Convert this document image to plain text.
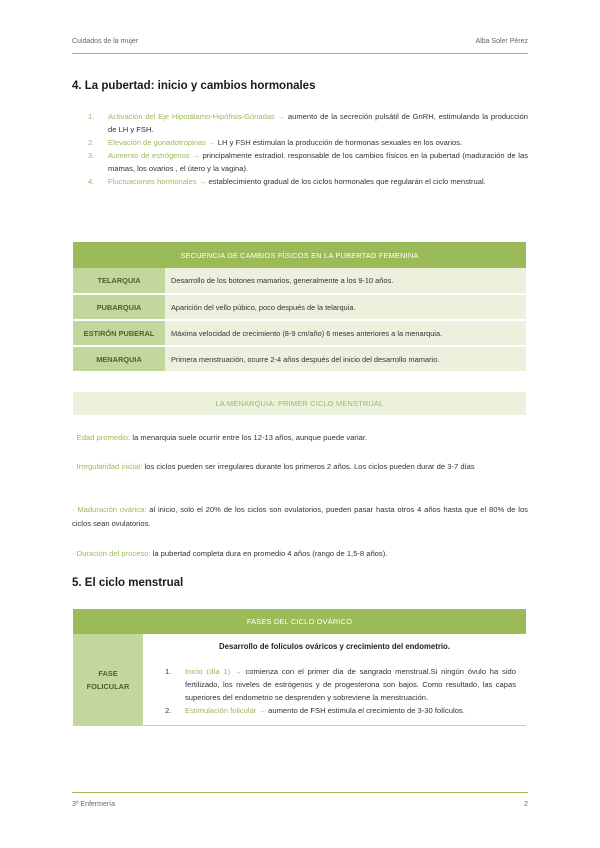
Cuidados de la mujer	Alba Soler Pérez
4. La pubertad: inicio y cambios hormonales
1. Activación del Eje Hipotálamo-Hipófisis-Gónadas → aumento de la secreción pulsátil de GnRH, estimulando la producción de LH y FSH.
2. Elevación de gonadotropinas → LH y FSH estimulan la producción de hormonas sexuales en los ovarios.
3. Aumento de estrógenos → principalmente estradiol. responsable de los cambios físicos en la pubertad (maduración de las mamas, los ovarios , el útero y la vagina).
4. Fluctuaciones hormonales → establecimiento gradual de los ciclos hormonales que regularán el ciclo menstrual.
SECUENCIA DE CAMBIOS FÍSICOS EN LA PUBERTAD FEMENINA	
TELARQUIA	Desarrollo de los botones mamarios, generalmente a los 9-10 años.
PUBARQUIA	Aparición del vello púbico, poco después de la telarquia.
ESTIRÓN PUBERAL	Máxima velocidad de crecimiento (8-9 cm/año) 6 meses anteriores a la menarquia.
MENARQUIA	Primera menstruación, ocurre 2-4 años después del inicio del desarrollo mamario.
LA MENARQUIA: PRIMER CICLO MENSTRUAL
· Edad promedio: la menarquia suele ocurrir entre los 12-13 años, aunque puede variar.
· Irregularidad inicial: los ciclos pueden ser irregulares durante los primeros 2 años. Los ciclos pueden durar de 3-7 días
· Maduración ovárica: al inicio, solo el 20% de los ciclos son ovulatorios, pueden pasar hasta otros 4 años hasta que el 80% de los ciclos sean ovulatorios.
· Duración del proceso: la pubertad completa dura en promedio 4 años (rango de 1,5-8 años).
5. El ciclo menstrual
FASES DEL CICLO OVÁRICO
FASE
FOLICULAR	
Desarrollo de folículos ováricos y crecimiento del endometrio.
1. Inicio (día 1) → comienza con el primer día de sangrado menstrual.Si ningún óvulo ha sido fertilizado, los niveles de estrógenos y de progesterona son bajos. Como resultado, las capas superiores del endometrio se desprenden y sobreviene la menstruación.
2. Estimulación folicular → aumento de FSH estimula el crecimiento de 3-30 folículos.
3º Enfermería	2
